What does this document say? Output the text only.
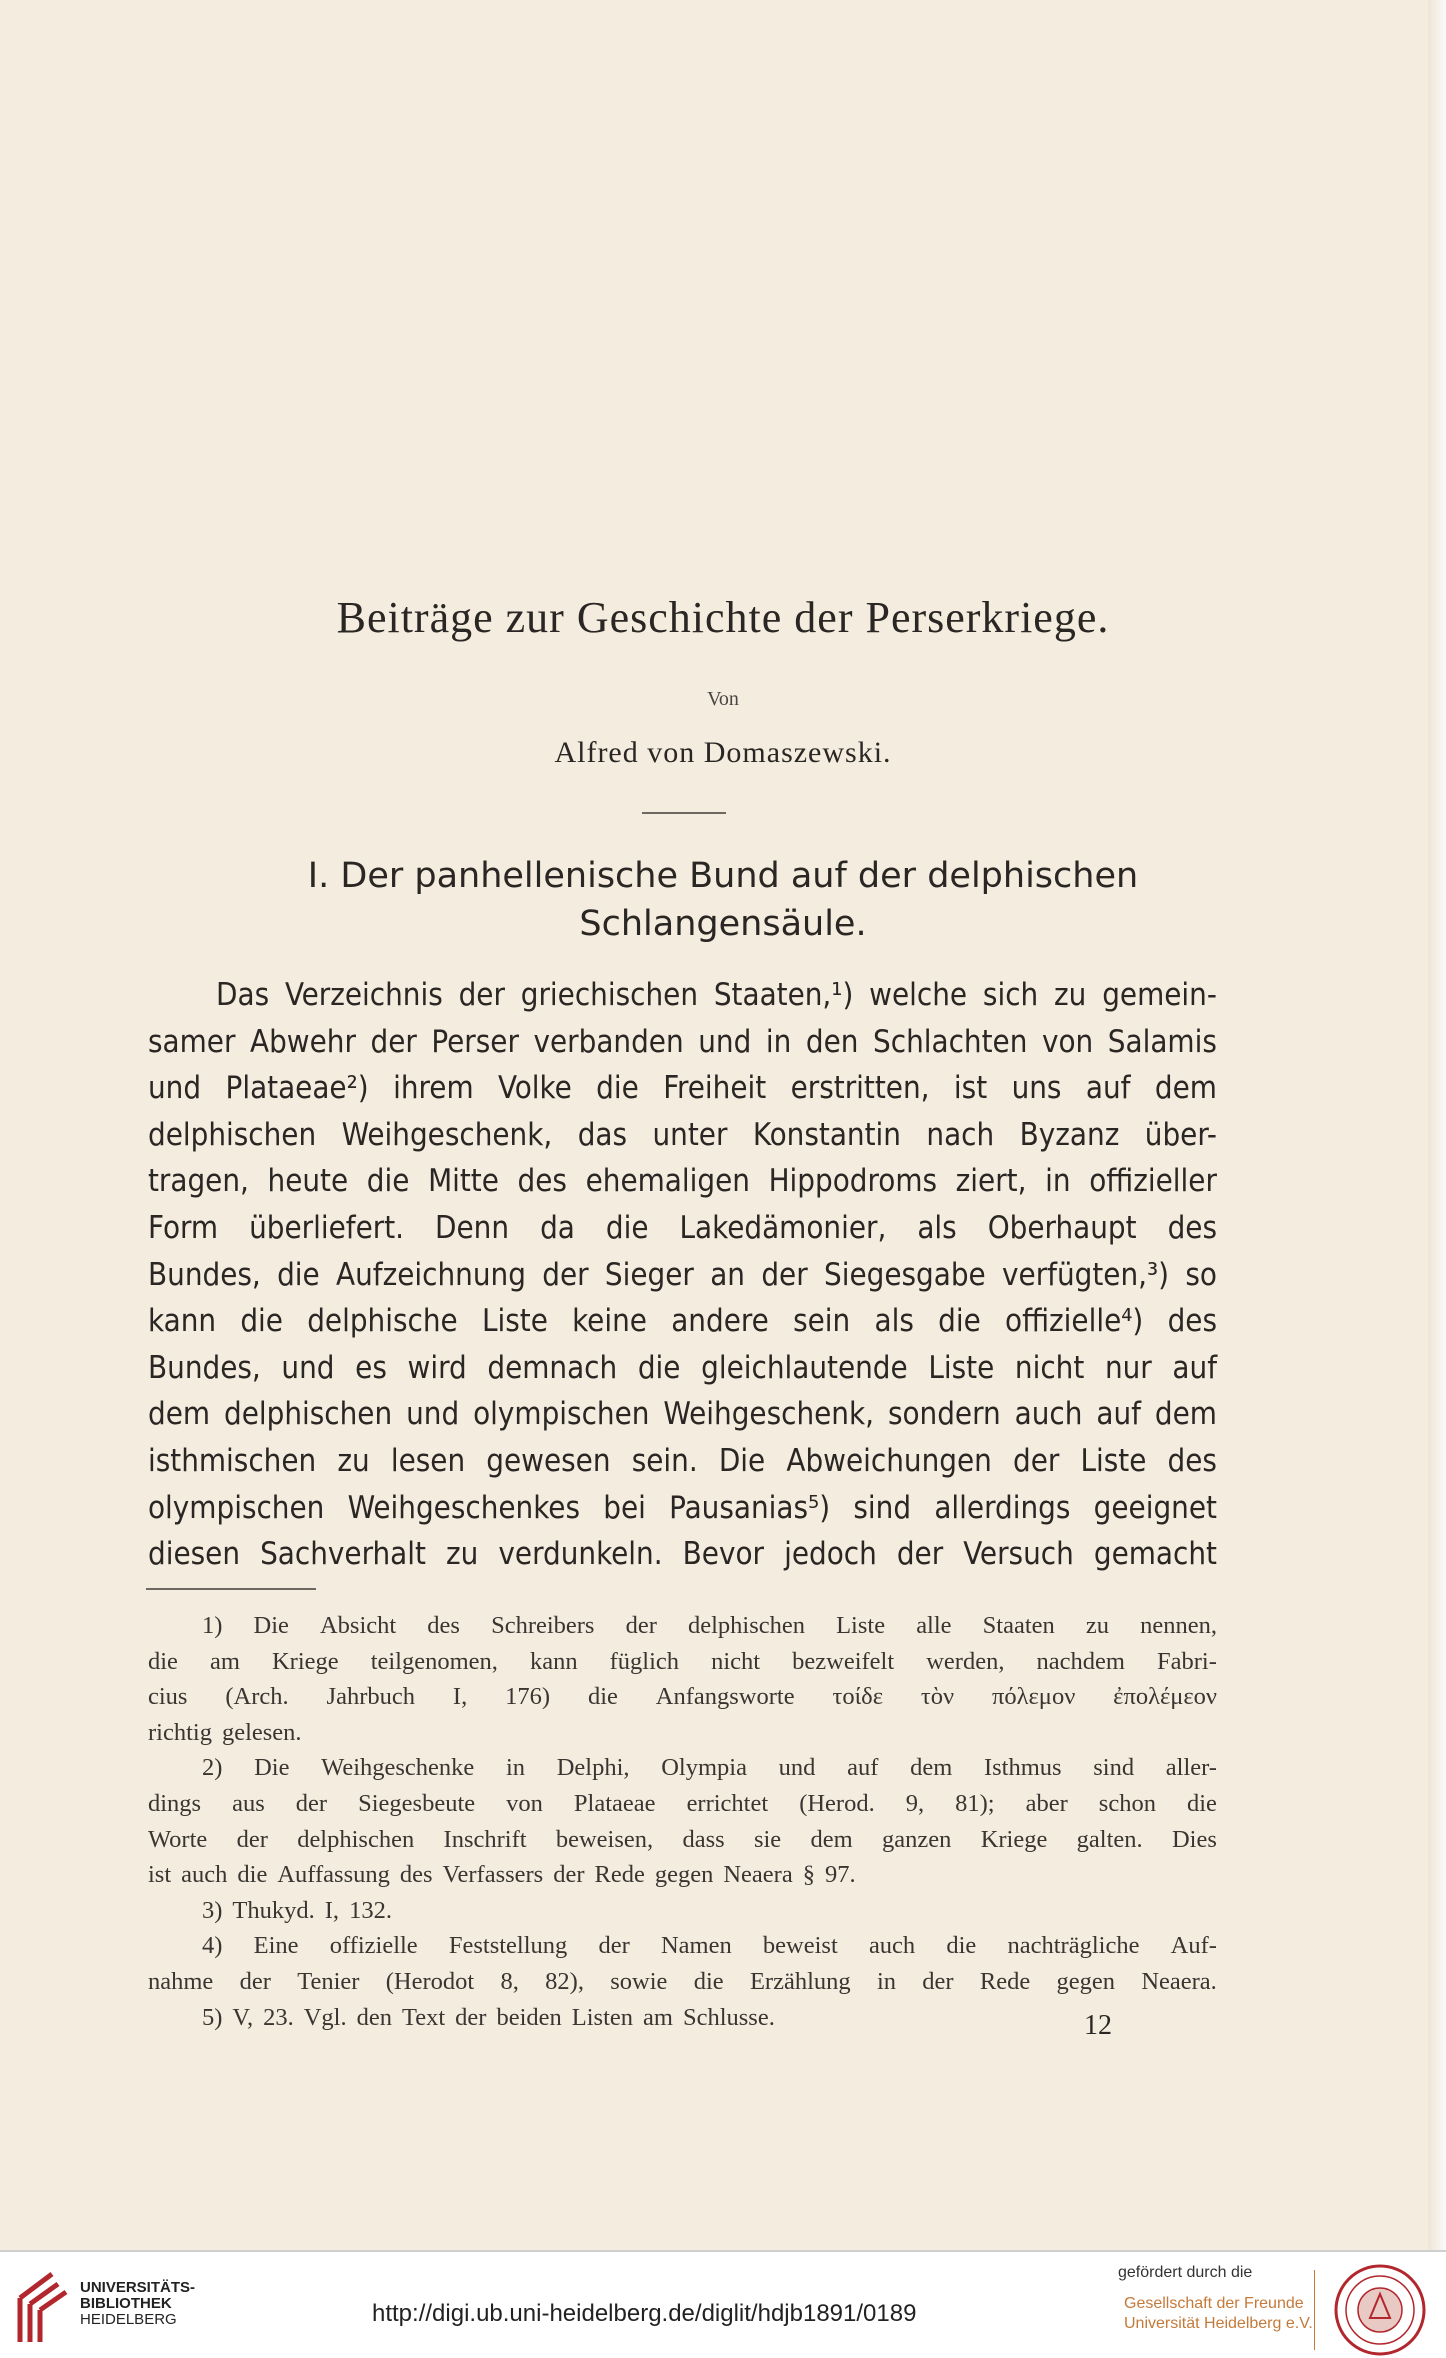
Beiträge zur Geschichte der Perserkriege.
Von
Alfred von Domaszewski.
I. Der panhellenische Bund auf der delphischen
Schlangensäule.
Das Verzeichnis der griechischen Staaten,¹) welche sich zu gemein-
samer Abwehr der Perser verbanden und in den Schlachten von Salamis
und Plataeae²) ihrem Volke die Freiheit erstritten, ist uns auf dem
delphischen Weihgeschenk, das unter Konstantin nach Byzanz über-
tragen, heute die Mitte des ehemaligen Hippodroms ziert, in offizieller
Form überliefert. Denn da die Lakedämonier, als Oberhaupt des
Bundes, die Aufzeichnung der Sieger an der Siegesgabe verfügten,³) so
kann die delphische Liste keine andere sein als die offizielle⁴) des
Bundes, und es wird demnach die gleichlautende Liste nicht nur auf
dem delphischen und olympischen Weihgeschenk, sondern auch auf dem
isthmischen zu lesen gewesen sein. Die Abweichungen der Liste des
olympischen Weihgeschenkes bei Pausanias⁵) sind allerdings geeignet
diesen Sachverhalt zu verdunkeln. Bevor jedoch der Versuch gemacht
1) Die Absicht des Schreibers der delphischen Liste alle Staaten zu nennen,
die am Kriege teilgenomen, kann füglich nicht bezweifelt werden, nachdem Fabri-
cius (Arch. Jahrbuch I, 176) die Anfangsworte τοίδε τὸν πόλεμον ἐπολέμεον
richtig gelesen.
2) Die Weihgeschenke in Delphi, Olympia und auf dem Isthmus sind aller-
dings aus der Siegesbeute von Plataeae errichtet (Herod. 9, 81); aber schon die
Worte der delphischen Inschrift beweisen, dass sie dem ganzen Kriege galten. Dies
ist auch die Auffassung des Verfassers der Rede gegen Neaera § 97.
3) Thukyd. I, 132.
4) Eine offizielle Feststellung der Namen beweist auch die nachträgliche Auf-
nahme der Tenier (Herodot 8, 82), sowie die Erzählung in der Rede gegen Neaera.
5) V, 23. Vgl. den Text der beiden Listen am Schlusse.	12
UNIVERSITÄTS-
BIBLIOTHEK
HEIDELBERG	http://digi.ub.uni-heidelberg.de/diglit/hdjb1891/0189
gefördert durch die
Gesellschaft der Freunde
Universität Heidelberg e.V.
